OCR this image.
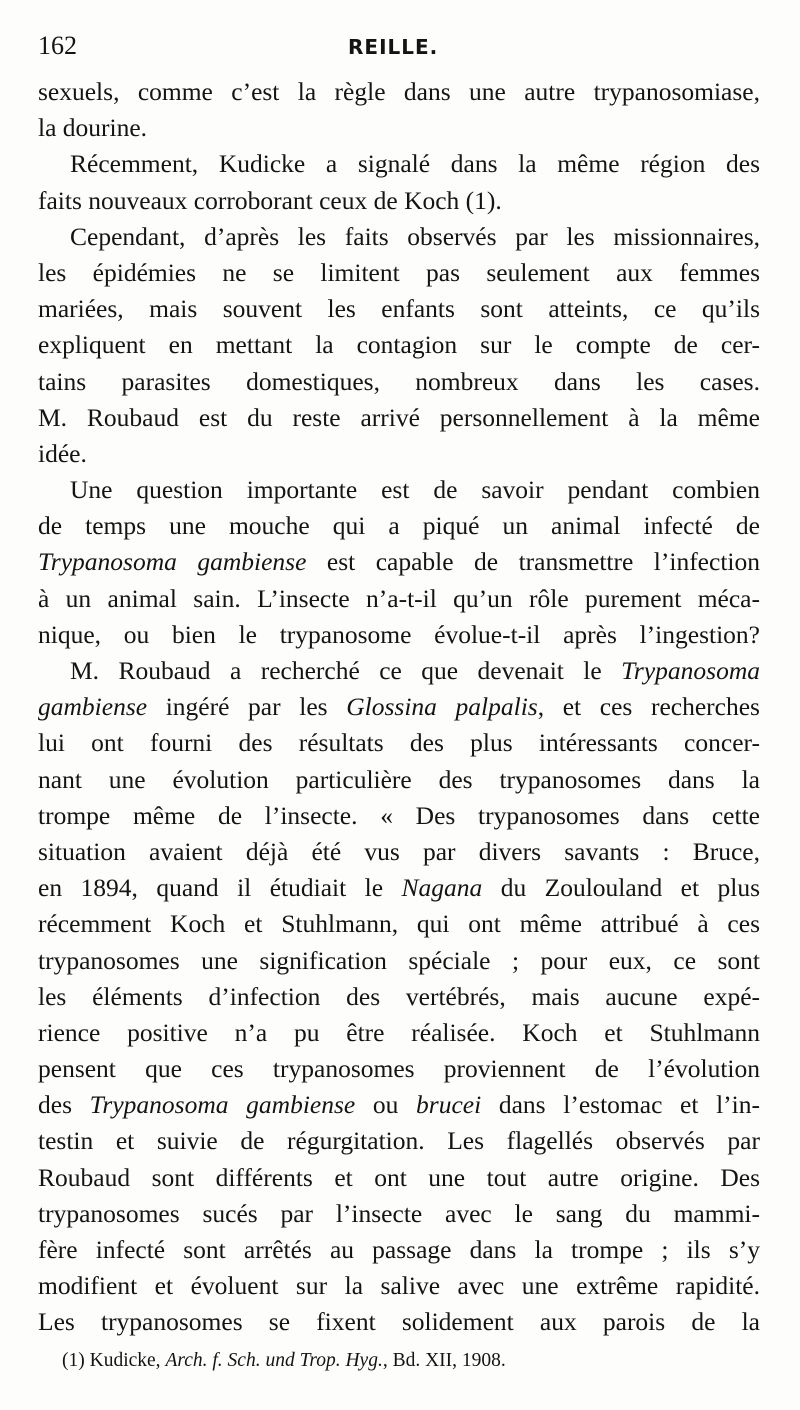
162	REILLE.
sexuels, comme c’est la règle dans une autre trypanosomiase,
la dourine.
Récemment, Kudicke a signalé dans la même région des
faits nouveaux corroborant ceux de Koch (1).
Cependant, d’après les faits observés par les missionnaires,
les épidémies ne se limitent pas seulement aux femmes
mariées, mais souvent les enfants sont atteints, ce qu’ils
expliquent en mettant la contagion sur le compte de cer-
tains parasites domestiques, nombreux dans les cases.
M. Roubaud est du reste arrivé personnellement à la même
idée.
Une question importante est de savoir pendant combien
de temps une mouche qui a piqué un animal infecté de
Trypanosoma gambiense est capable de transmettre l’infection
à un animal sain. L’insecte n’a-t-il qu’un rôle purement méca-
nique, ou bien le trypanosome évolue-t-il après l’ingestion?
M. Roubaud a recherché ce que devenait le Trypanosoma
gambiense ingéré par les Glossina palpalis, et ces recherches
lui ont fourni des résultats des plus intéressants concer-
nant une évolution particulière des trypanosomes dans la
trompe même de l’insecte. « Des trypanosomes dans cette
situation avaient déjà été vus par divers savants : Bruce,
en 1894, quand il étudiait le Nagana du Zoulouland et plus
récemment Koch et Stuhlmann, qui ont même attribué à ces
trypanosomes une signification spéciale ; pour eux, ce sont
les éléments d’infection des vertébrés, mais aucune expé-
rience positive n’a pu être réalisée. Koch et Stuhlmann
pensent que ces trypanosomes proviennent de l’évolution
des Trypanosoma gambiense ou brucei dans l’estomac et l’in-
testin et suivie de régurgitation. Les flagellés observés par
Roubaud sont différents et ont une tout autre origine. Des
trypanosomes sucés par l’insecte avec le sang du mammi-
fère infecté sont arrêtés au passage dans la trompe ; ils s’y
modifient et évoluent sur la salive avec une extrême rapidité.
Les trypanosomes se fixent solidement aux parois de la
(1) Kudicke, Arch. f. Sch. und Trop. Hyg., Bd. XII, 1908.
